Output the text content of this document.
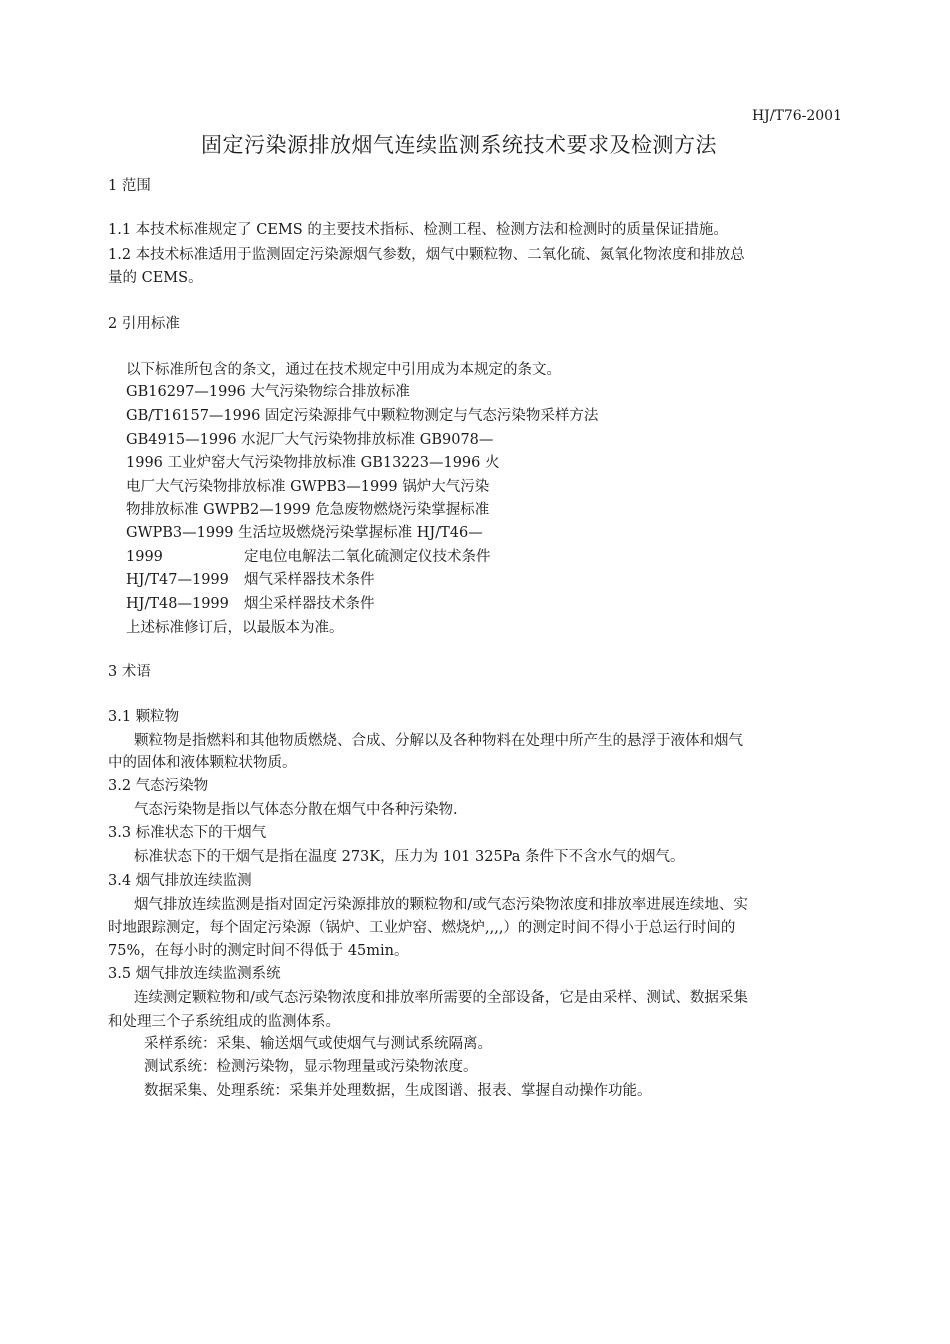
HJ/T76-2001
固定污染源排放烟气连续监测系统技术要求及检测方法
1 范围
1.1 本技术标准规定了 CEMS 的主要技术指标、检测工程、检测方法和检测时的质量保证措施。
1.2 本技术标准适用于监测固定污染源烟气参数，烟气中颗粒物、二氧化硫、氮氧化物浓度和排放总
量的 CEMS。
2 引用标准
以下标准所包含的条文，通过在技术规定中引用成为本规定的条文。
GB16297—1996 大气污染物综合排放标准
GB/T16157—1996 固定污染源排气中颗粒物测定与气态污染物采样方法
GB4915—1996 水泥厂大气污染物排放标准 GB9078—
1996 工业炉窑大气污染物排放标准 GB13223—1996 火
电厂大气污染物排放标准 GWPB3—1999 锅炉大气污染
物排放标准 GWPB2—1999 危急废物燃烧污染掌握标准
GWPB3—1999 生活垃圾燃烧污染掌握标准 HJ/T46—
1999	定电位电解法二氧化硫测定仪技术条件
HJ/T47—1999 烟气采样器技术条件
HJ/T48—1999 烟尘采样器技术条件
上述标准修订后，以最版本为准。
3 术语
3.1 颗粒物
颗粒物是指燃料和其他物质燃烧、合成、分解以及各种物料在处理中所产生的悬浮于液体和烟气
中的固体和液体颗粒状物质。
3.2 气态污染物
气态污染物是指以气体态分散在烟气中各种污染物.
3.3 标准状态下的干烟气
标准状态下的干烟气是指在温度 273K，压力为 101 325Pa 条件下不含水气的烟气。
3.4 烟气排放连续监测
烟气排放连续监测是指对固定污染源排放的颗粒物和/或气态污染物浓度和排放率进展连续地、实
时地跟踪测定，每个固定污染源（锅炉、工业炉窑、燃烧炉,,,,）的测定时间不得小于总运行时间的
75%，在每小时的测定时间不得低于 45min。
3.5 烟气排放连续监测系统
连续测定颗粒物和/或气态污染物浓度和排放率所需要的全部设备，它是由采样、测试、数据采集
和处理三个子系统组成的监测体系。
采样系统：采集、输送烟气或使烟气与测试系统隔离。
测试系统：检测污染物，显示物理量或污染物浓度。
数据采集、处理系统：采集并处理数据，生成图谱、报表、掌握自动操作功能。
